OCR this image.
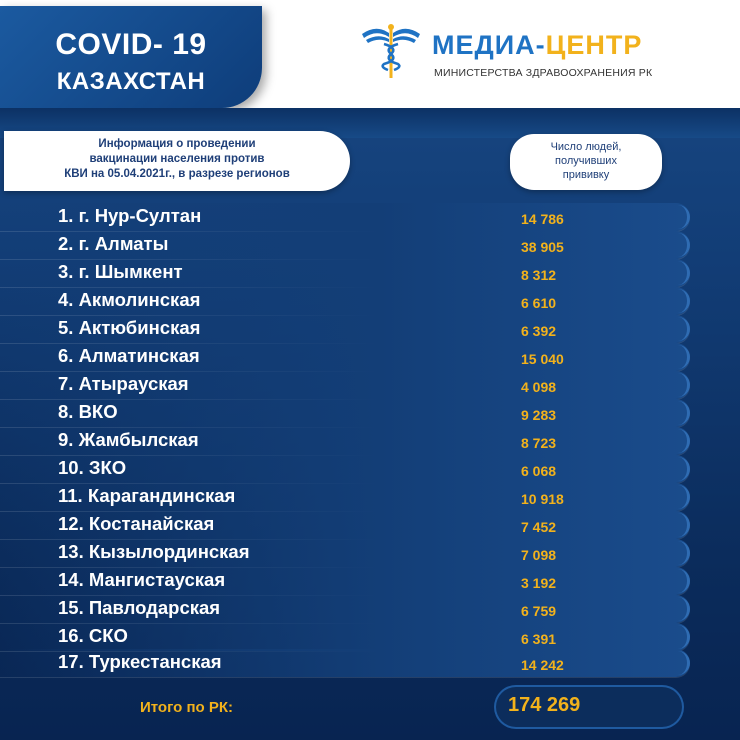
COVID- 19
КАЗАХСТАН
МЕДИА-ЦЕНТР
МИНИСТЕРСТВА ЗДРАВООХРАНЕНИЯ РК
Информация о проведении
вакцинации населения против
КВИ на 05.04.2021г., в разрезе регионов
Число людей,
получивших
прививку
1. г. Нур-Султан	14 786
2. г. Алматы	38 905
3. г. Шымкент	8 312
4. Акмолинская	6 610
5. Актюбинская	6 392
6. Алматинская	15 040
7. Атырауская	4 098
8. ВКО	9 283
9. Жамбылская	8 723
10. ЗКО	6 068
11. Карагандинская	10 918
12. Костанайская	7 452
13. Кызылординская	7 098
14. Мангистауская	3 192
15. Павлодарская	6 759
16. СКО	6 391
17. Туркестанская	14 242
Итого по РК:	174 269
